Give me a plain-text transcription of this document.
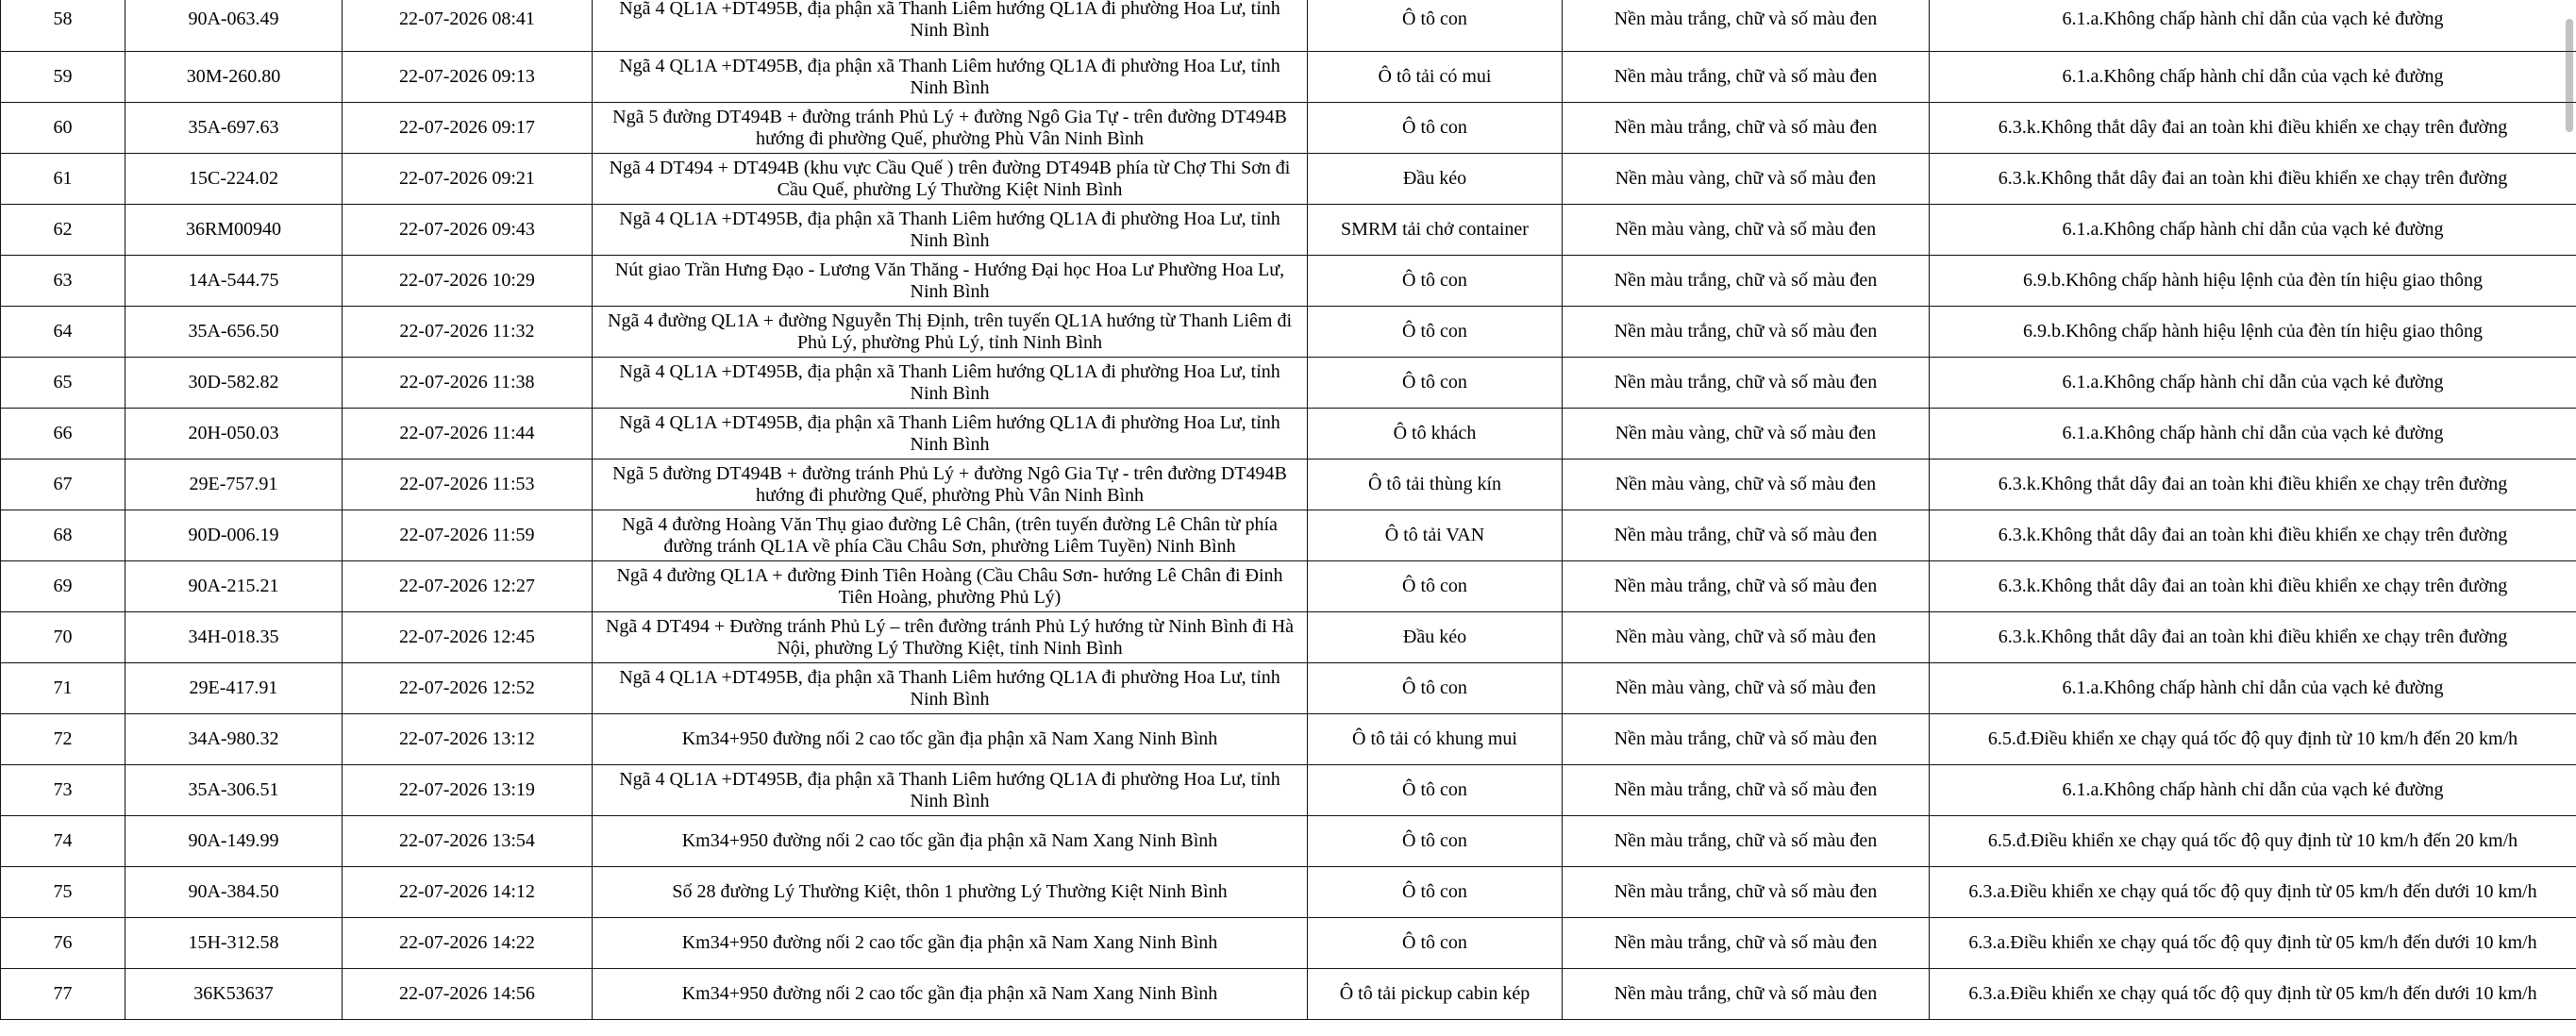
58	90A-063.49	22-07-2026 08:41	Ngã 4 QL1A +DT495B, địa phận xã Thanh Liêm hướng QL1A đi phường Hoa Lư, tỉnh Ninh Bình	Ô tô con	Nền màu trắng, chữ và số màu đen	6.1.a.Không chấp hành chỉ dẫn của vạch kẻ đường
59	30M-260.80	22-07-2026 09:13	Ngã 4 QL1A +DT495B, địa phận xã Thanh Liêm hướng QL1A đi phường Hoa Lư, tỉnh Ninh Bình	Ô tô tải có mui	Nền màu trắng, chữ và số màu đen	6.1.a.Không chấp hành chỉ dẫn của vạch kẻ đường
60	35A-697.63	22-07-2026 09:17	Ngã 5 đường DT494B + đường tránh Phủ Lý + đường Ngô Gia Tự - trên đường DT494B hướng đi phường Quế, phường Phù Vân Ninh Bình	Ô tô con	Nền màu trắng, chữ và số màu đen	6.3.k.Không thắt dây đai an toàn khi điều khiển xe chạy trên đường
61	15C-224.02	22-07-2026 09:21	Ngã 4 DT494 + DT494B (khu vực Cầu Quế ) trên đường DT494B phía từ Chợ Thi Sơn đi Cầu Quế, phường Lý Thường Kiệt Ninh Bình	Đầu kéo	Nền màu vàng, chữ và số màu đen	6.3.k.Không thắt dây đai an toàn khi điều khiển xe chạy trên đường
62	36RM00940	22-07-2026 09:43	Ngã 4 QL1A +DT495B, địa phận xã Thanh Liêm hướng QL1A đi phường Hoa Lư, tỉnh Ninh Bình	SMRM tải chở container	Nền màu vàng, chữ và số màu đen	6.1.a.Không chấp hành chỉ dẫn của vạch kẻ đường
63	14A-544.75	22-07-2026 10:29	Nút giao Trần Hưng Đạo - Lương Văn Thăng - Hướng Đại học Hoa Lư Phường Hoa Lư, Ninh Bình	Ô tô con	Nền màu trắng, chữ và số màu đen	6.9.b.Không chấp hành hiệu lệnh của đèn tín hiệu giao thông
64	35A-656.50	22-07-2026 11:32	Ngã 4 đường QL1A + đường Nguyễn Thị Định, trên tuyến QL1A hướng từ Thanh Liêm đi Phủ Lý, phường Phủ Lý, tỉnh Ninh Bình	Ô tô con	Nền màu trắng, chữ và số màu đen	6.9.b.Không chấp hành hiệu lệnh của đèn tín hiệu giao thông
65	30D-582.82	22-07-2026 11:38	Ngã 4 QL1A +DT495B, địa phận xã Thanh Liêm hướng QL1A đi phường Hoa Lư, tỉnh Ninh Bình	Ô tô con	Nền màu trắng, chữ và số màu đen	6.1.a.Không chấp hành chỉ dẫn của vạch kẻ đường
66	20H-050.03	22-07-2026 11:44	Ngã 4 QL1A +DT495B, địa phận xã Thanh Liêm hướng QL1A đi phường Hoa Lư, tỉnh Ninh Bình	Ô tô khách	Nền màu vàng, chữ và số màu đen	6.1.a.Không chấp hành chỉ dẫn của vạch kẻ đường
67	29E-757.91	22-07-2026 11:53	Ngã 5 đường DT494B + đường tránh Phủ Lý + đường Ngô Gia Tự - trên đường DT494B hướng đi phường Quế, phường Phù Vân Ninh Bình	Ô tô tải thùng kín	Nền màu vàng, chữ và số màu đen	6.3.k.Không thắt dây đai an toàn khi điều khiển xe chạy trên đường
68	90D-006.19	22-07-2026 11:59	Ngã 4 đường Hoàng Văn Thụ giao đường Lê Chân, (trên tuyến đường Lê Chân từ phía đường tránh QL1A về phía Cầu Châu Sơn, phường Liêm Tuyền) Ninh Bình	Ô tô tải VAN	Nền màu trắng, chữ và số màu đen	6.3.k.Không thắt dây đai an toàn khi điều khiển xe chạy trên đường
69	90A-215.21	22-07-2026 12:27	Ngã 4 đường QL1A + đường Đinh Tiên Hoàng (Cầu Châu Sơn- hướng Lê Chân đi Đinh Tiên Hoàng, phường Phủ Lý)	Ô tô con	Nền màu trắng, chữ và số màu đen	6.3.k.Không thắt dây đai an toàn khi điều khiển xe chạy trên đường
70	34H-018.35	22-07-2026 12:45	Ngã 4 DT494 + Đường tránh Phủ Lý – trên đường tránh Phủ Lý hướng từ Ninh Bình đi Hà Nội, phường Lý Thường Kiệt, tỉnh Ninh Bình	Đầu kéo	Nền màu vàng, chữ và số màu đen	6.3.k.Không thắt dây đai an toàn khi điều khiển xe chạy trên đường
71	29E-417.91	22-07-2026 12:52	Ngã 4 QL1A +DT495B, địa phận xã Thanh Liêm hướng QL1A đi phường Hoa Lư, tỉnh Ninh Bình	Ô tô con	Nền màu vàng, chữ và số màu đen	6.1.a.Không chấp hành chỉ dẫn của vạch kẻ đường
72	34A-980.32	22-07-2026 13:12	Km34+950 đường nối 2 cao tốc gần địa phận xã Nam Xang Ninh Bình	Ô tô tải có khung mui	Nền màu trắng, chữ và số màu đen	6.5.đ.Điều khiển xe chạy quá tốc độ quy định từ 10 km/h đến 20 km/h
73	35A-306.51	22-07-2026 13:19	Ngã 4 QL1A +DT495B, địa phận xã Thanh Liêm hướng QL1A đi phường Hoa Lư, tỉnh Ninh Bình	Ô tô con	Nền màu trắng, chữ và số màu đen	6.1.a.Không chấp hành chỉ dẫn của vạch kẻ đường
74	90A-149.99	22-07-2026 13:54	Km34+950 đường nối 2 cao tốc gần địa phận xã Nam Xang Ninh Bình	Ô tô con	Nền màu trắng, chữ và số màu đen	6.5.đ.Điều khiển xe chạy quá tốc độ quy định từ 10 km/h đến 20 km/h
75	90A-384.50	22-07-2026 14:12	Số 28 đường Lý Thường Kiệt, thôn 1 phường Lý Thường Kiệt Ninh Bình	Ô tô con	Nền màu trắng, chữ và số màu đen	6.3.a.Điều khiển xe chạy quá tốc độ quy định từ 05 km/h đến dưới 10 km/h
76	15H-312.58	22-07-2026 14:22	Km34+950 đường nối 2 cao tốc gần địa phận xã Nam Xang Ninh Bình	Ô tô con	Nền màu trắng, chữ và số màu đen	6.3.a.Điều khiển xe chạy quá tốc độ quy định từ 05 km/h đến dưới 10 km/h
77	36K53637	22-07-2026 14:56	Km34+950 đường nối 2 cao tốc gần địa phận xã Nam Xang Ninh Bình	Ô tô tải pickup cabin kép	Nền màu trắng, chữ và số màu đen	6.3.a.Điều khiển xe chạy quá tốc độ quy định từ 05 km/h đến dưới 10 km/h
